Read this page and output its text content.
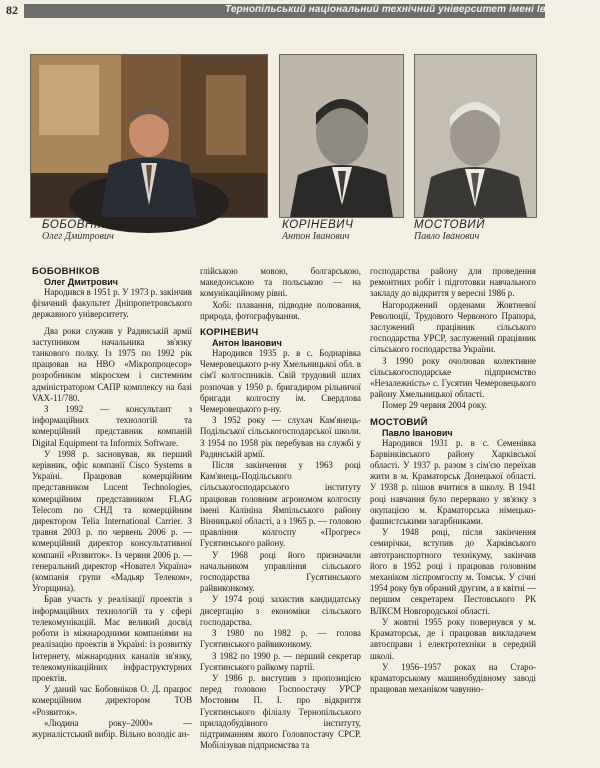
82	Тернопільський національний технічний університет імені Івана Пулюя
БОБОВНІКОВ
Олег Дмитрович
КОРІНЕВИЧ
Антон Іванович
МОСТОВИЙ
Павло Іванович
БОБОВНІКОВ
Олег Дмитрович

Народився в 1951 р. У 1973 р. закінчив фізичний факультет Дніпропетровського державного університету.

Два роки служив у Радянській армії заступником начальника зв'язку танкового полку. Із 1975 по 1992 рік працював на НВО «Мікропроцесор» розробником мікросхем і системним адміністратором САПР комплексу на базі VAX-11/780.

З 1992 — консультант з інформаційних технологій та комерційний представник компаній Digital Equipment та Informix Software.

У 1998 р. засновував, як перший керівник, офіс компанії Cisco Systems в Україні. Працював комерційним представником Lucent Technologies, комерційним представником FLAG Telecom по СНД та комерційним директором Telia International Carrier. З травня 2003 р. по червень 2006 р. — комерційний директор консультативної компанії «Розвиток». Із червня 2006 р. — генеральний директор «Новател Україна» (компанія групи «Мадьяр Телеком», Угорщина).

Брав участь у реалізації проектів з інформаційних технологій та у сфері телекомунікацій. Має великий досвід роботи із міжнародними компаніями на реалізацію проектів в Україні: із розвитку Інтернету, міжнародних каналів зв'язку, телекомунікаційних інфраструктурних проектів.

У даний час Бобовніков О. Д. працює комерційним директором ТОВ «Розвиток».

«Людина року–2000» — журналістський вибір. Вільно володіє ан-

глійською мовою, болгарською, македонською та польською — на комунікаційному рівні.

Хобі: плавання, підводне полювання, природа, фотографування.

КОРІНЕВИЧ
Антон Іванович

Народився 1935 р. в с. Боднарівка Чемеровецького р-ну Хмельницької обл. в сім'ї колгоспників. Свій трудовий шлях розпочав у 1950 р. бригадиром рільничої бригади колгоспу ім. Свердлова Чемеровецького р-ну.

З 1952 року — слухач Кам'янець-Подільської сільськогосподарської школи. З 1954 по 1958 рік перебував на службі у Радянській армії.

Після закінчення у 1963 році Кам'янець-Подільського сільськогосподарського інституту працював головним агрономом колгоспу імені Калініна Ямпільського району Вінницької області, а з 1965 р. — головою правління колгоспу «Прогрес» Гусятинського району.

У 1968 році його призначили начальником управління сільського господарства Гусятинського райвиконкому.

У 1974 році захистив кандидатську дисертацію з економіки сільського господарства.

З 1980 по 1982 р. — голова Гусятинського райвиконкому.

З 1982 по 1990 р. — перший секретар Гусятинського райкому партії.

У 1986 р. виступив з пропозицією перед головою Госпоостачу УРСР Мостовим П. І. про відкриття Гусятинського філіалу Тернопільського приладобудівного інституту, підтриманням якого Головпостачу СРСР. Мобілізував підприємства та

господарства району для проведення ремонтних робіт і підготовки навчального закладу до відкриття у вересні 1986 р.

Нагороджений орденами Жовтневої Революції, Трудового Червоного Прапора, заслужений працівник сільського господарства УРСР, заслужений працівник сільського господарства України.

З 1990 року очолював колективне сільськогосподарське підприємство «Незалежність» с. Гусятин Чемеровецького району Хмельницької області.

Помер 29 червня 2004 року.

МОСТОВИЙ
Павло Іванович

Народився 1931 р. в с. Семенівка Барвінківського району Харківської області. У 1937 р. разом з сім'єю переїхав жити в м. Краматорськ Донецької області. У 1938 р. пішов вчитися в школу. В 1941 році навчання було перервано у зв'язку з окупацією м. Краматорська німецько-фашистськими загарбниками.

У 1948 році, після закінчення семирічки, вступив до Харківського автотранспортного технікуму, закінчив його в 1952 році і працював головним механіком ліспромгоспу м. Томськ. У січні 1954 року був обраний другим, а в квітні — першим секретарем Пестовського РК ВЛКСМ Новгородської області.

У жовтні 1955 року повернувся у м. Краматорськ, де і працював викладачем автосправи і електротехніки в середній школі.

У 1956–1957 роках на Старо-краматорському машинобудівному заводі працював механіком чавунно-
